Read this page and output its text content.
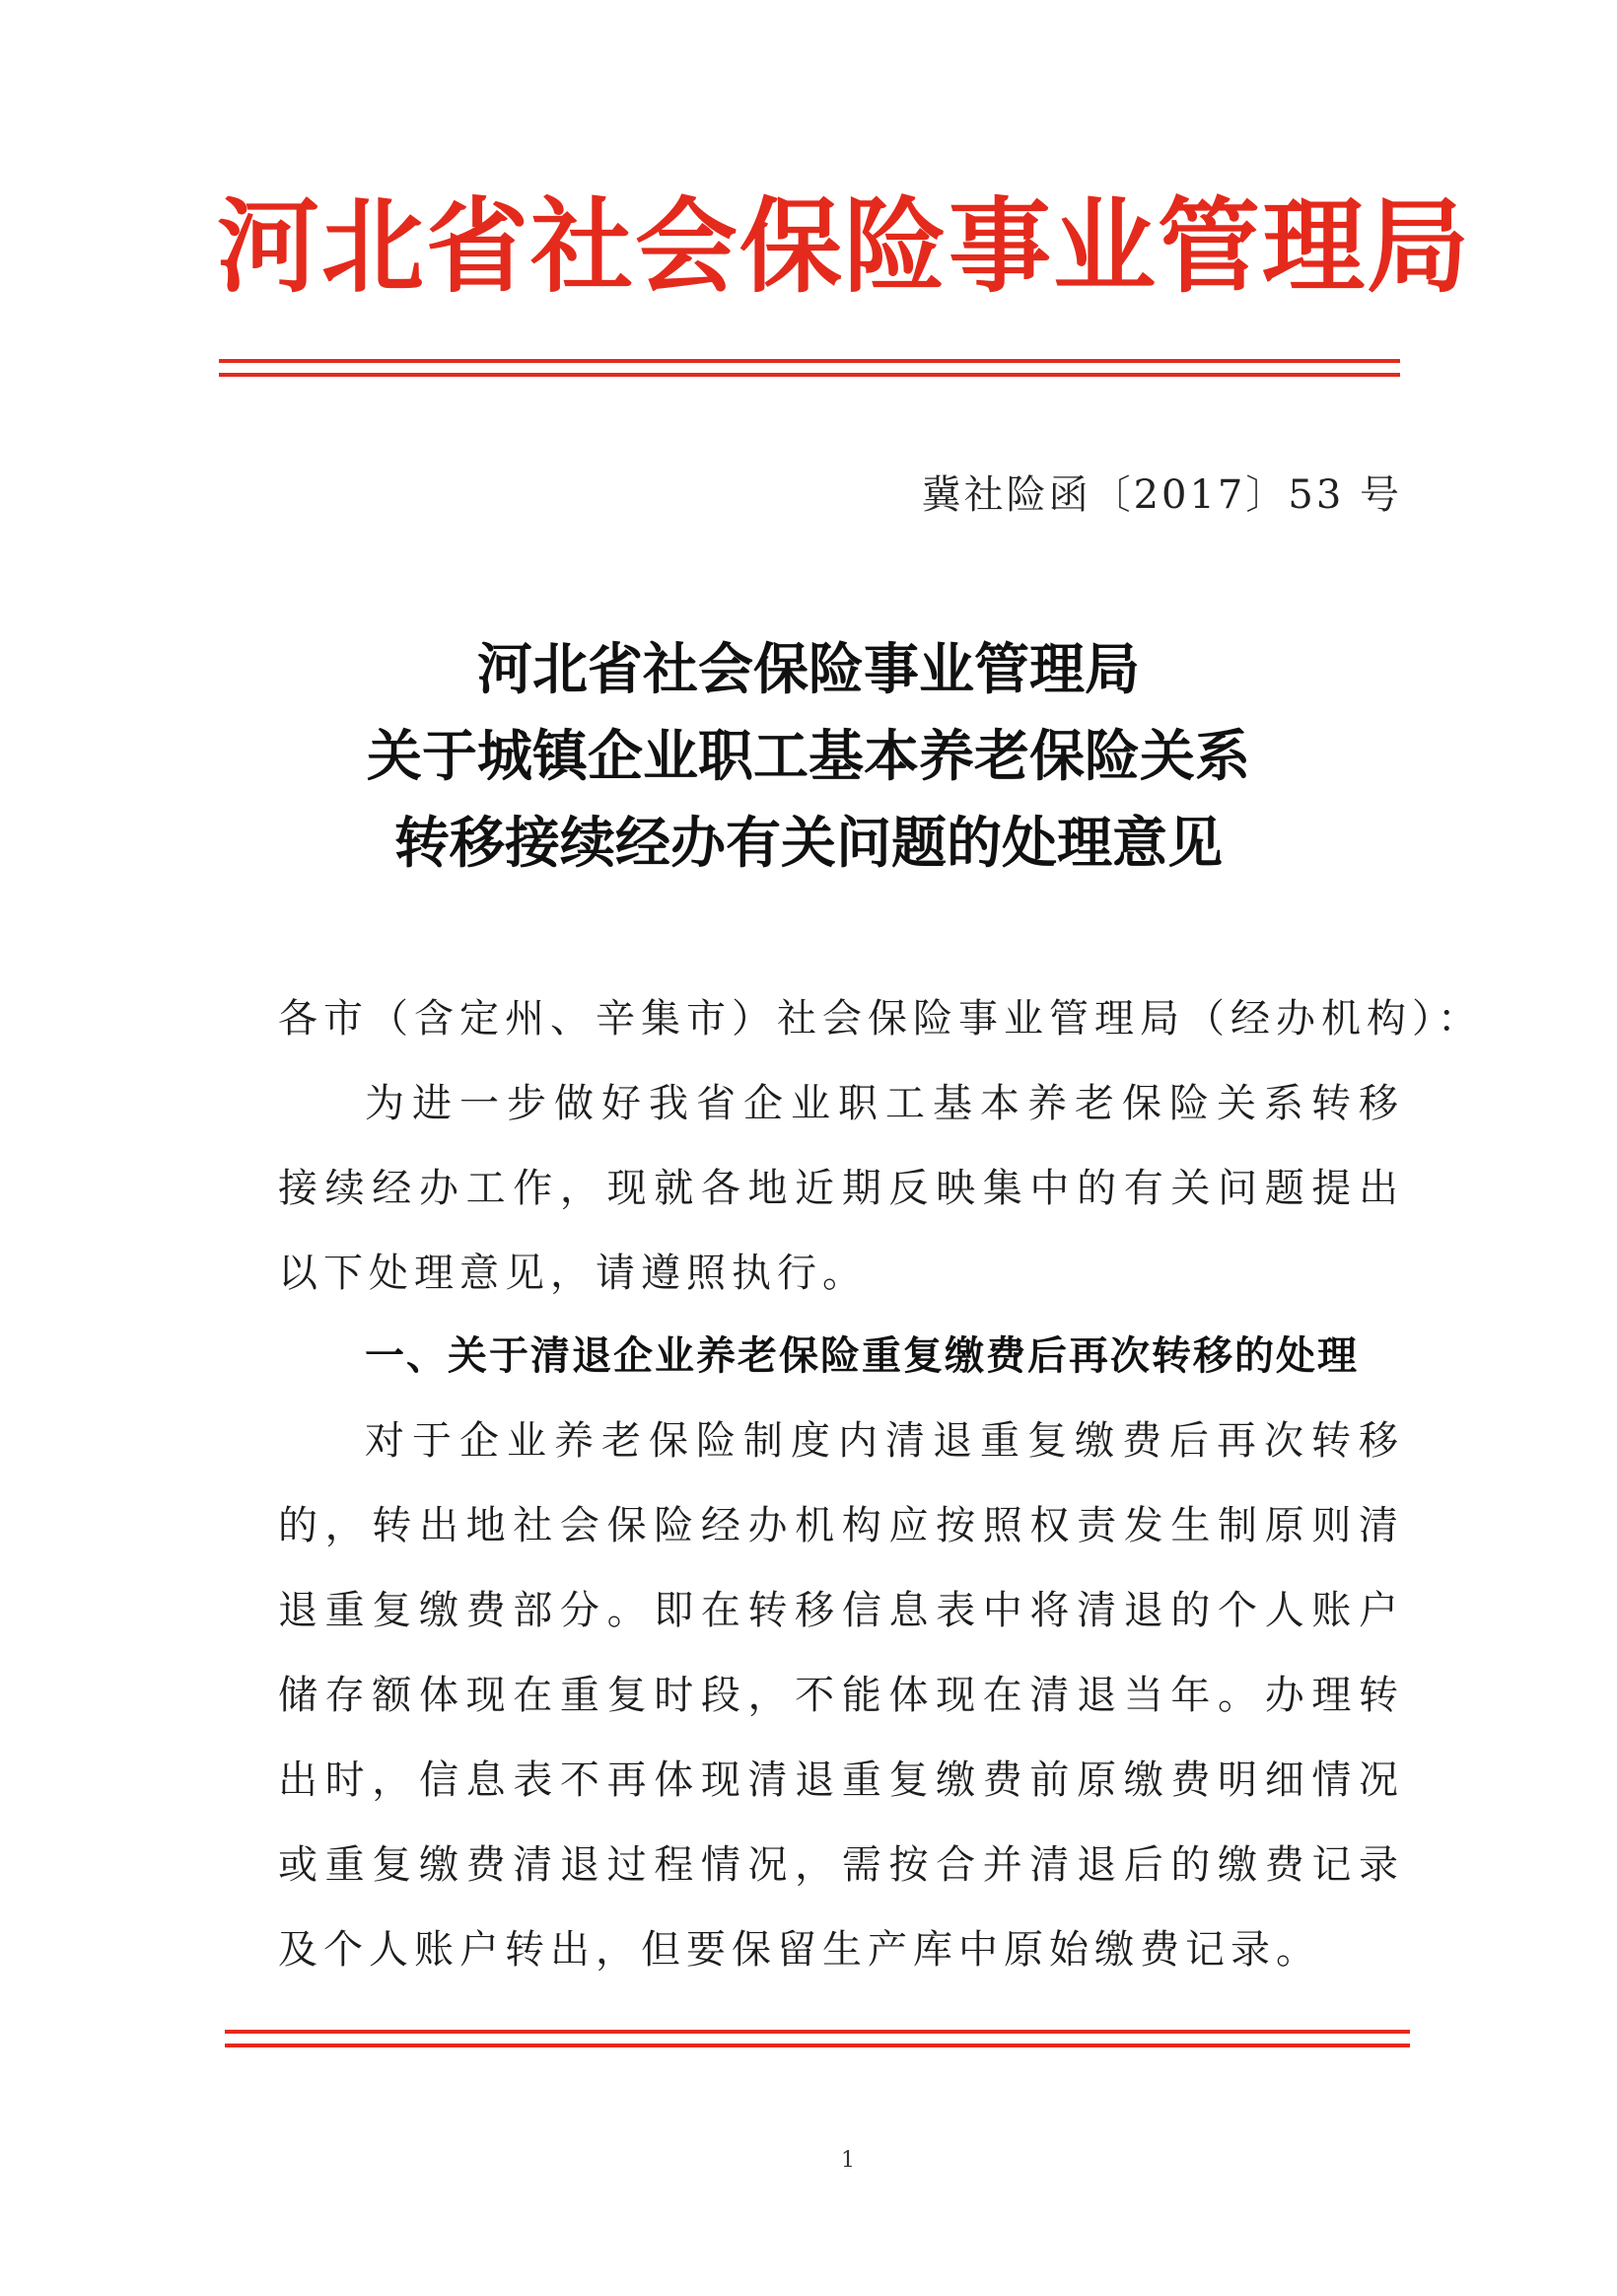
河北省社会保险事业管理局
冀社险函〔2017〕53 号
河北省社会保险事业管理局
关于城镇企业职工基本养老保险关系
转移接续经办有关问题的处理意见
各市（含定州、辛集市）社会保险事业管理局（经办机构）：
为进一步做好我省企业职工基本养老保险关系转移接续经办工作，现就各地近期反映集中的有关问题提出以下处理意见，请遵照执行。
一、关于清退企业养老保险重复缴费后再次转移的处理
对于企业养老保险制度内清退重复缴费后再次转移的，转出地社会保险经办机构应按照权责发生制原则清退重复缴费部分。即在转移信息表中将清退的个人账户储存额体现在重复时段，不能体现在清退当年。办理转出时，信息表不再体现清退重复缴费前原缴费明细情况或重复缴费清退过程情况，需按合并清退后的缴费记录及个人账户转出，但要保留生产库中原始缴费记录。
1
